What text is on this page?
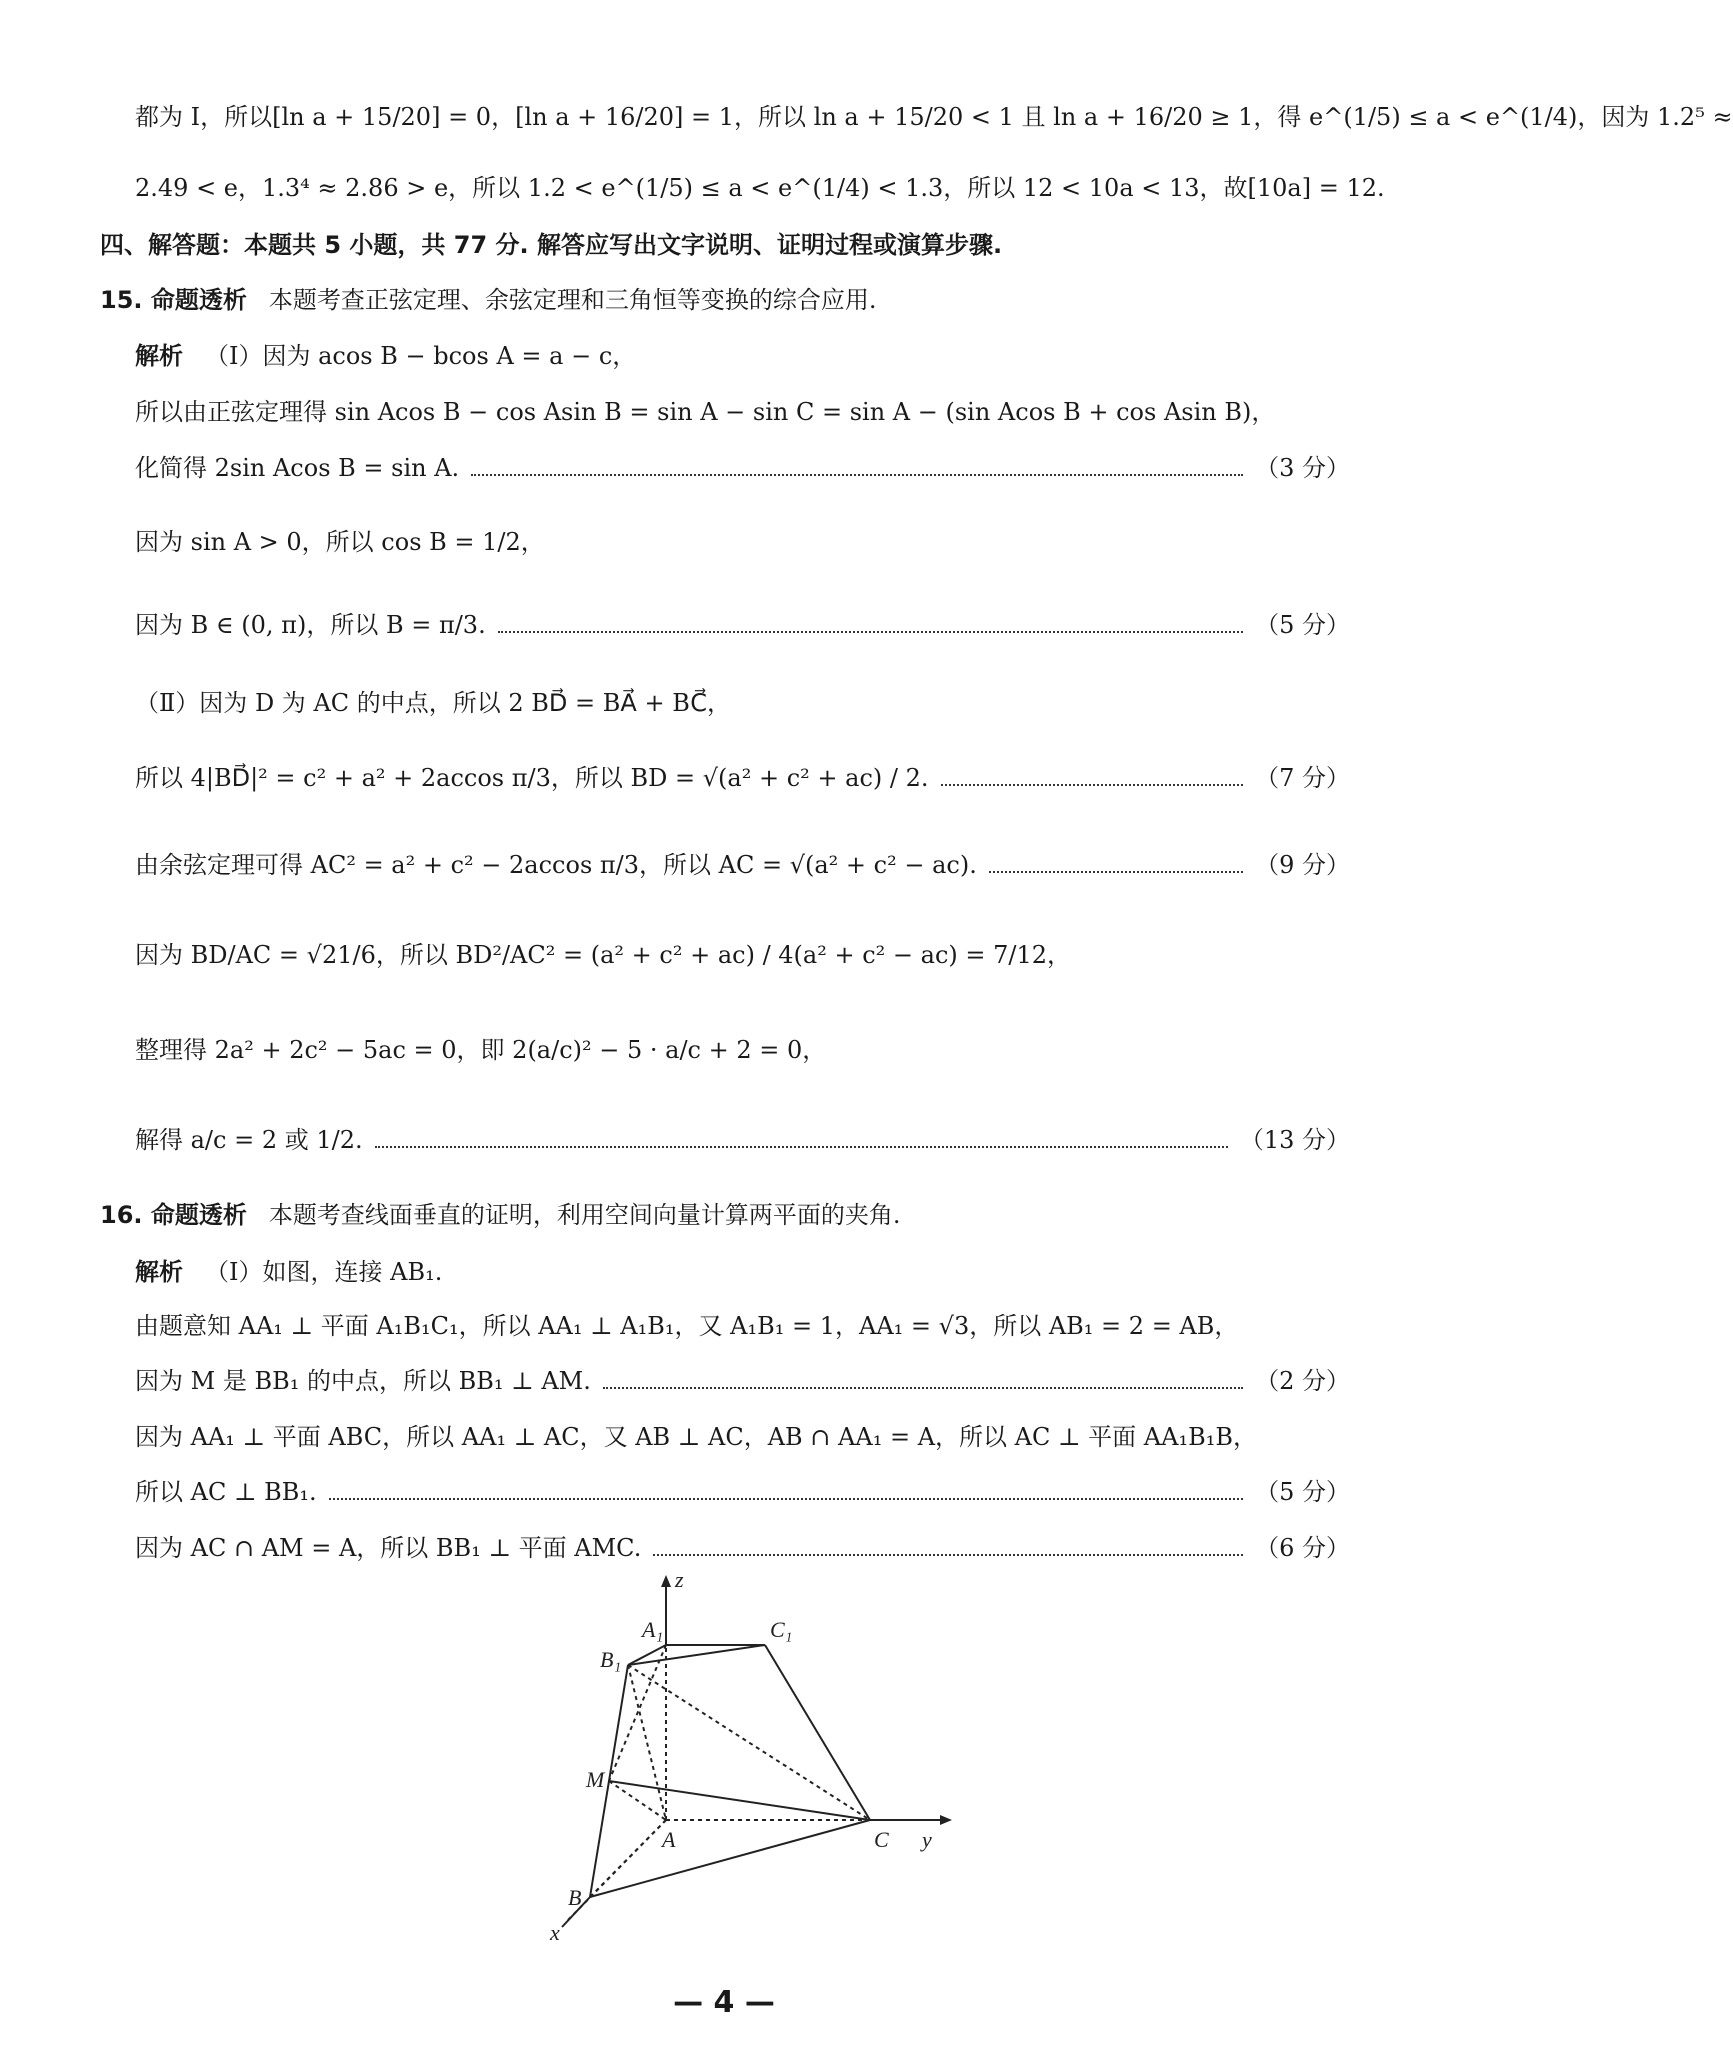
都为 I，所以[ln a + 15/20] = 0，[ln a + 16/20] = 1，所以 ln a + 15/20 < 1 且 ln a + 16/20 ≥ 1，得 e^(1/5) ≤ a < e^(1/4)，因为 1.2⁵ ≈
2.49 < e，1.3⁴ ≈ 2.86 > e，所以 1.2 < e^(1/5) ≤ a < e^(1/4) < 1.3，所以 12 < 10a < 13，故[10a] = 12.
四、解答题：本题共 5 小题，共 77 分. 解答应写出文字说明、证明过程或演算步骤.
15. 命题透析 本题考查正弦定理、余弦定理和三角恒等变换的综合应用.
解析 （Ⅰ）因为 acos B − bcos A = a − c，
所以由正弦定理得 sin Acos B − cos Asin B = sin A − sin C = sin A − (sin Acos B + cos Asin B)，
化简得 2sin Acos B = sin A.	（3 分）
因为 sin A > 0，所以 cos B = 1/2，
因为 B ∈ (0, π)，所以 B = π/3.	（5 分）
（Ⅱ）因为 D 为 AC 的中点，所以 2 BD⃗ = BA⃗ + BC⃗，
所以 4|BD⃗|² = c² + a² + 2accos π/3，所以 BD = √(a² + c² + ac) / 2.	（7 分）
由余弦定理可得 AC² = a² + c² − 2accos π/3，所以 AC = √(a² + c² − ac).	（9 分）
因为 BD/AC = √21/6，所以 BD²/AC² = (a² + c² + ac) / 4(a² + c² − ac) = 7/12，
整理得 2a² + 2c² − 5ac = 0，即 2(a/c)² − 5 · a/c + 2 = 0，
解得 a/c = 2 或 1/2.	（13 分）
16. 命题透析 本题考查线面垂直的证明，利用空间向量计算两平面的夹角.
解析 （Ⅰ）如图，连接 AB₁.
由题意知 AA₁ ⊥ 平面 A₁B₁C₁，所以 AA₁ ⊥ A₁B₁，又 A₁B₁ = 1，AA₁ = √3，所以 AB₁ = 2 = AB，
因为 M 是 BB₁ 的中点，所以 BB₁ ⊥ AM.	（2 分）
因为 AA₁ ⊥ 平面 ABC，所以 AA₁ ⊥ AC，又 AB ⊥ AC，AB ∩ AA₁ = A，所以 AC ⊥ 平面 AA₁B₁B，
所以 AC ⊥ BB₁.	（5 分）
因为 AC ∩ AM = A，所以 BB₁ ⊥ 平面 AMC.	（6 分）
z
A₁	C₁
B₁
M
A	C y
B
x
— 4 —
